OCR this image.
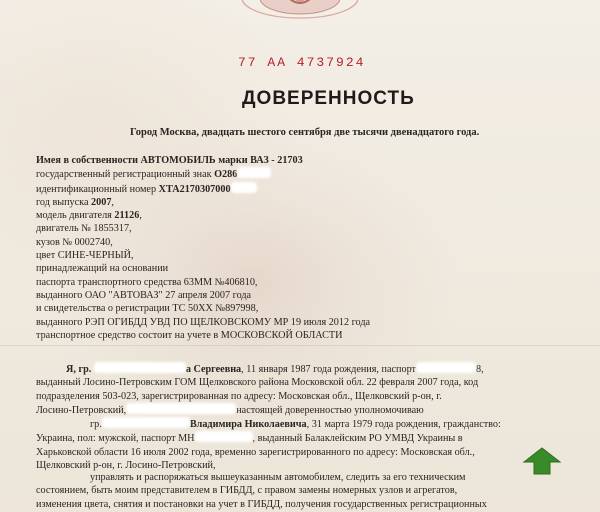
77 АА 4737924
ДОВЕРЕННОСТЬ
Город Москва, двадцать шестого сентября две тысячи двенадцатого года.
Имея в собственности АВТОМОБИЛЬ марки ВАЗ - 21703
государственный регистрационный знак О286
идентификационный номер ХТА2170307000
год выпуска 2007,
модель двигателя 21126,
двигатель № 1855317,
кузов № 0002740,
цвет СИНЕ-ЧЕРНЫЙ,
принадлежащий на основании
паспорта транспортного средства 63ММ №406810,
выданного ОАО "АВТОВАЗ" 27 апреля 2007 года
и свидетельства о регистрации ТС 50ХХ №897998,
выданного РЭП ОГИБДД УВД ПО ЩЕЛКОВСКОМУ МР 19 июля 2012 года
транспортное средство состоит на учете в МОСКОВСКОЙ ОБЛАСТИ
Я, гр.	а Сергеевна, 11 января 1987 года рождения, паспорт	8,
выданный Лосино-Петровским ГОМ Щелковского района Московской обл. 22 февраля 2007 года, код
подразделения 503-023, зарегистрированная по адресу: Московская обл., Щелковский р-он, г.
Лосино-Петровский,	настоящей доверенностью уполномочиваю
гр.	Владимира Николаевича, 31 марта 1979 года рождения, гражданство:
Украина, пол: мужской, паспорт МН	, выданный Балаклейским РО УМВД Украины в
Харьковской области 16 июля 2002 года, временно зарегистрированного по адресу: Московская обл.,
Щелковский р-он, г. Лосино-Петровский,
управлять и распоряжаться вышеуказанным автомобилем, следить за его техническим
состоянием, быть моим представителем в ГИБДД, с правом замены номерных узлов и агрегатов,
изменения цвета, снятия и постановки на учет в ГИБДД, получения государственных регистрационных
